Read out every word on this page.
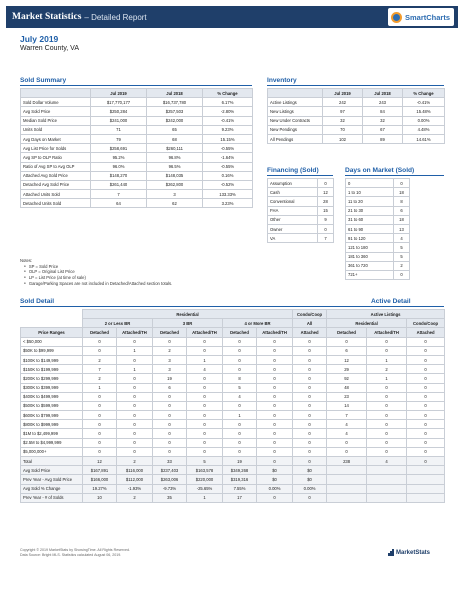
Market Statistics – Detailed Report	SmartCharts
July 2019
Warren County, VA
Sold Summary
	Jul 2019	Jul 2018	% Change
Sold Dollar Volume	$17,770,177	$16,737,780	6.17%
Avg Sold Price	$250,284	$257,503	-2.80%
Median Sold Price	$241,000	$242,000	-0.41%
Units Sold	71	65	9.23%
Avg Days on Market	79	68	15.15%
Avg List Price for Solds	$258,691	$260,111	-0.55%
Avg SP to OLP Ratio	95.2%	96.8%	-1.64%
Ratio of Avg SP to Avg OLP	96.0%	96.5%	-0.55%
Attached Avg Sold Price	$148,270	$148,035	0.16%
Detached Avg Sold Price	$261,440	$262,800	-0.52%
Attached Units Sold	7	3	133.33%
Detached Units Sold	64	62	3.23%
Notes:
● SP = Sold Price
● OLP = Original List Price
● LP = List Price (at time of sale)
● Garage/Parking Spaces are not included in Detached/Attached section totals.
Inventory
	Jul 2019	Jul 2018	% Change
Active Listings	242	243	-0.41%
New Listings	97	84	15.48%
New Under Contracts	32	32	0.00%
New Pendings	70	67	4.48%
All Pendings	102	89	14.61%
Financing (Sold)
Assumption	0
Cash	12
Conventional	28
FHA	15
Other	9
Owner	0
VA	7
Days on Market (Sold)
0	0
1 to 10	18
11 to 20	8
21 to 30	6
31 to 60	18
61 to 90	13
91 to 120	4
121 to 180	5
181 to 360	5
361 to 720	2
721+	0
Sold Detail	Active Detail
	Residential						Condo/Coop	Active Listings		
	2 or Less BR		3 BR		4 or More BR		All	Residential		Condo/Coop
Price Ranges	Detached	Attached/TH	Detached	Attached/TH	Detached	Attached/TH	Attached	Detached	Attached/TH	Attached
< $50,000	0	0	0	0	0	0	0	0	0	0
$50K to $99,999	0	1	2	0	0	0	0	6	0	0
$100K to $149,999	2	0	3	1	0	0	0	12	1	0
$150K to $199,999	7	1	3	4	0	0	0	29	2	0
$200K to $299,999	2	0	19	0	8	0	0	92	1	0
$300K to $399,999	1	0	6	0	5	0	0	48	0	0
$400K to $499,999	0	0	0	0	4	0	0	23	0	0
$500K to $599,999	0	0	0	0	0	0	0	14	0	0
$600K to $799,999	0	0	0	0	1	0	0	7	0	0
$800K to $999,999	0	0	0	0	0	0	0	4	0	0
$1M to $2,499,999	0	0	0	0	0	0	0	4	0	0
$2.5M to $4,999,999	0	0	0	0	0	0	0	0	0	0
$5,000,000+	0	0	0	0	0	0	0	0	0	0
Total	12	2	33	5	19	0	0	238	4	0
Avg Sold Price	$167,891	$116,000	$237,403	$163,578	$349,268	$0	$0			
Prev Year - Avg Sold Price	$166,000	$112,000	$263,006	$220,000	$319,316	$0	$0			
Avg Sold % Change	19.27%	-1.93%	-9.73%	-25.65%	7.55%	0.00%	0.00%			
Prev Year - # of Solds	10	2	35	1	17	0	0			
Copyright © 2019 MarketStats by ShowingTime. All Rights Reserved.
Data Source: Bright MLS. Statistics calculated August 06, 2019.	MarketStats
